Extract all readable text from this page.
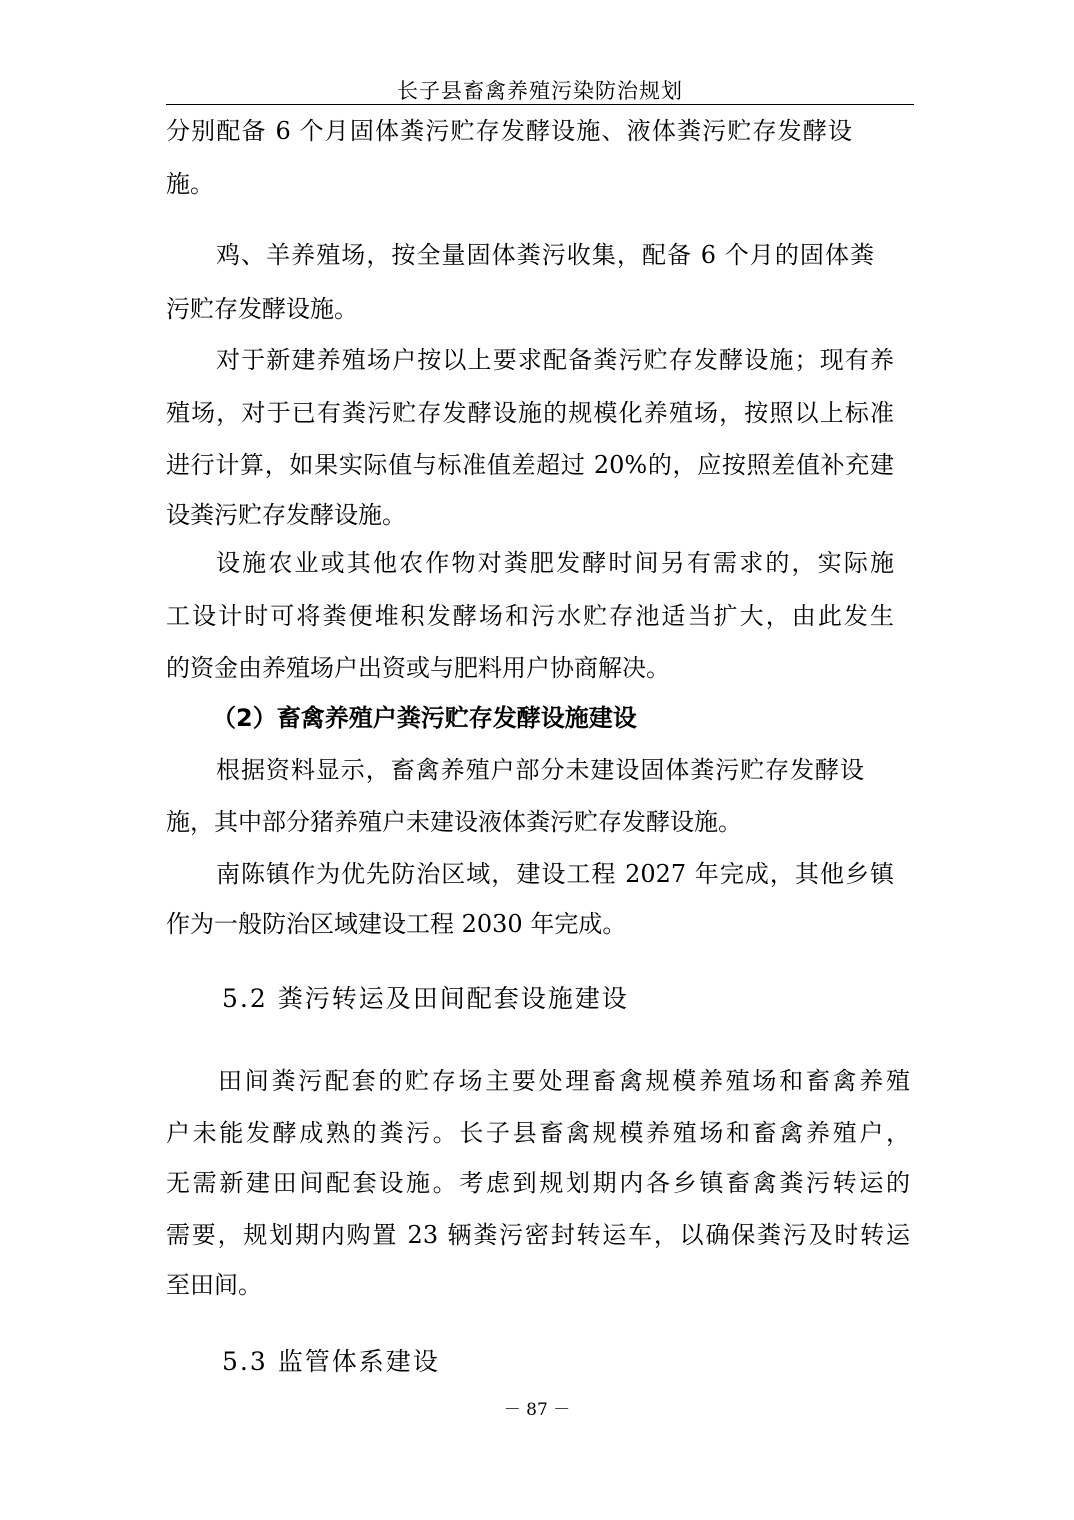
长子县畜禽养殖污染防治规划
分别配备 6 个月固体粪污贮存发酵设施、液体粪污贮存发酵设
施。
鸡、羊养殖场，按全量固体粪污收集，配备 6 个月的固体粪
污贮存发酵设施。
对于新建养殖场户按以上要求配备粪污贮存发酵设施；现有养
殖场，对于已有粪污贮存发酵设施的规模化养殖场，按照以上标准
进行计算，如果实际值与标准值差超过 20%的，应按照差值补充建
设粪污贮存发酵设施。
设施农业或其他农作物对粪肥发酵时间另有需求的，实际施
工设计时可将粪便堆积发酵场和污水贮存池适当扩大，由此发生
的资金由养殖场户出资或与肥料用户协商解决。
（2）畜禽养殖户粪污贮存发酵设施建设
根据资料显示，畜禽养殖户部分未建设固体粪污贮存发酵设
施，其中部分猪养殖户未建设液体粪污贮存发酵设施。
南陈镇作为优先防治区域，建设工程 2027 年完成，其他乡镇
作为一般防治区域建设工程 2030 年完成。
5.2 粪污转运及田间配套设施建设
田间粪污配套的贮存场主要处理畜禽规模养殖场和畜禽养殖
户未能发酵成熟的粪污。长子县畜禽规模养殖场和畜禽养殖户，
无需新建田间配套设施。考虑到规划期内各乡镇畜禽粪污转运的
需要，规划期内购置 23 辆粪污密封转运车，以确保粪污及时转运
至田间。
5.3 监管体系建设
－ 87 －
